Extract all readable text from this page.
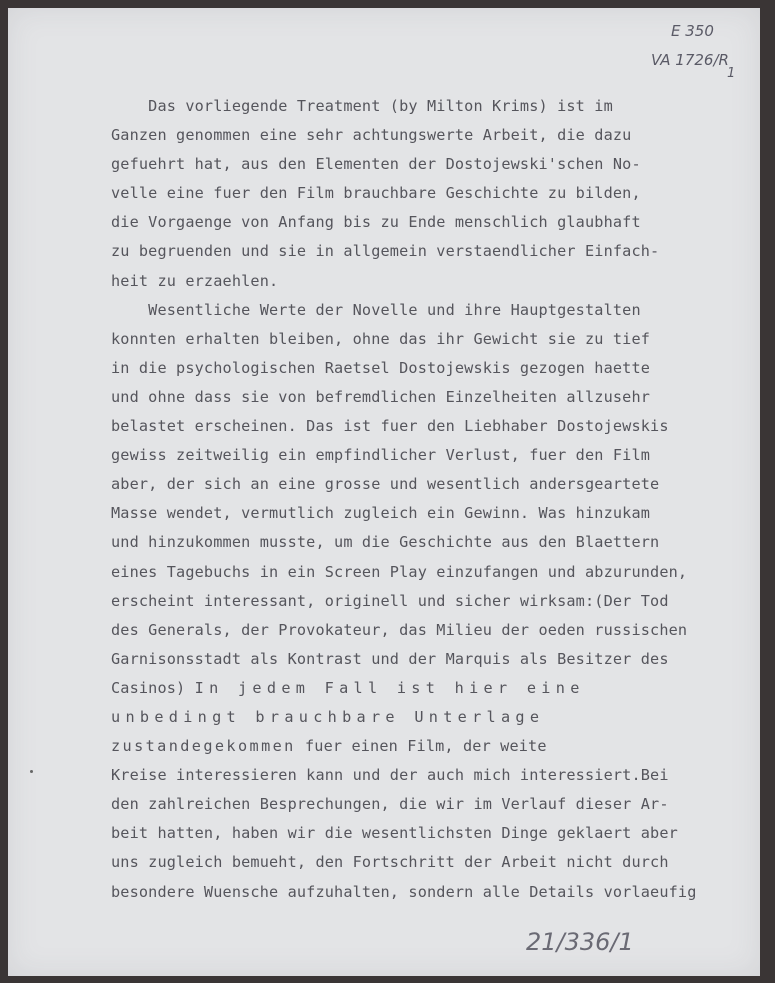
E 350
VA 1726/R
1
Das vorliegende Treatment (by Milton Krims) ist im
Ganzen genommen eine sehr achtungswerte Arbeit, die dazu
gefuehrt hat, aus den Elementen der Dostojewski'schen No-
velle eine fuer den Film brauchbare Geschichte zu bilden,
die Vorgaenge von Anfang bis zu Ende menschlich glaubhaft
zu begruenden und sie in allgemein verstaendlicher Einfach-
heit zu erzaehlen.
Wesentliche Werte der Novelle und ihre Hauptgestalten
konnten erhalten bleiben, ohne das ihr Gewicht sie zu tief
in die psychologischen Raetsel Dostojewskis gezogen haette
und ohne dass sie von befremdlichen Einzelheiten allzusehr
belastet erscheinen. Das ist fuer den Liebhaber Dostojewskis
gewiss zeitweilig ein empfindlicher Verlust, fuer den Film
aber, der sich an eine grosse und wesentlich andersgeartete
Masse wendet, vermutlich zugleich ein Gewinn. Was hinzukam
und hinzukommen musste, um die Geschichte aus den Blaettern
eines Tagebuchs in ein Screen Play einzufangen und abzurunden,
erscheint interessant, originell und sicher wirksam:(Der Tod
des Generals, der Provokateur, das Milieu der oeden russischen
Garnisonsstadt als Kontrast und der Marquis als Besitzer des
Casinos) In jedem Fall ist hier eine
unbedingt brauchbare Unterlage
zustandegekommen fuer einen Film, der weite
Kreise interessieren kann und der auch mich interessiert.Bei
den zahlreichen Besprechungen, die wir im Verlauf dieser Ar-
beit hatten, haben wir die wesentlichsten Dinge geklaert aber
uns zugleich bemueht, den Fortschritt der Arbeit nicht durch
besondere Wuensche aufzuhalten, sondern alle Details vorlaeufig
21/336/1
